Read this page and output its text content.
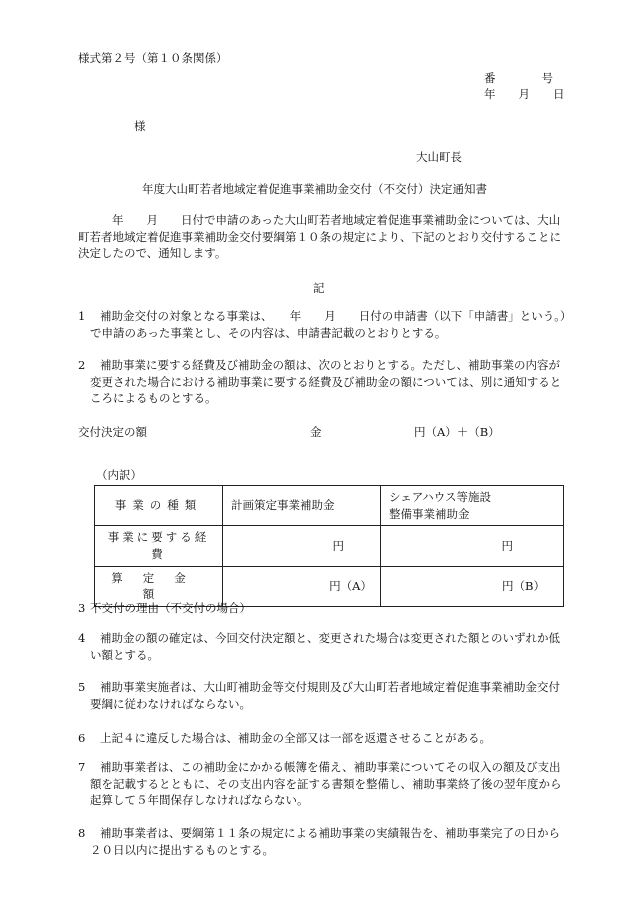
様式第２号（第１０条関係）
番　　　　号
年　　月　　日
様
大山町長
年度大山町若者地域定着促進事業補助金交付（不交付）決定通知書
年　　月　　日付で申請のあった大山町若者地域定着促進事業補助金については、大山町若者地域定着促進事業補助金交付要綱第１０条の規定により、下記のとおり交付することに決定したので、通知します。
記
1	補助金交付の対象となる事業は、　　年　　月　　日付の申請書（以下「申請書」という。）で申請のあった事業とし、その内容は、申請書記載のとおりとする。
2	補助事業に要する経費及び補助金の額は、次のとおりとする。ただし、補助事業の内容が変更された場合における補助事業に要する経費及び補助金の額については、別に通知するところによるものとする。
交付決定の額	金	円（A）＋（B）
（内訳）
事業の種類	計画策定事業補助金	シェアハウス等施設
整備事業補助金

事業に要する経費	円	円
算定金額	円（A）	円（B）
3 不交付の理由（不交付の場合）
4	補助金の額の確定は、今回交付決定額と、変更された場合は変更された額とのいずれか低い額とする。
5	補助事業実施者は、大山町補助金等交付規則及び大山町若者地域定着促進事業補助金交付要綱に従わなければならない。
6	上記４に違反した場合は、補助金の全部又は一部を返還させることがある。
7	補助事業者は、この補助金にかかる帳簿を備え、補助事業についてその収入の額及び支出額を記載するとともに、その支出内容を証する書類を整備し、補助事業終了後の翌年度から起算して５年間保存しなければならない。
8	補助事業者は、要綱第１１条の規定による補助事業の実績報告を、補助事業完了の日から２０日以内に提出するものとする。
